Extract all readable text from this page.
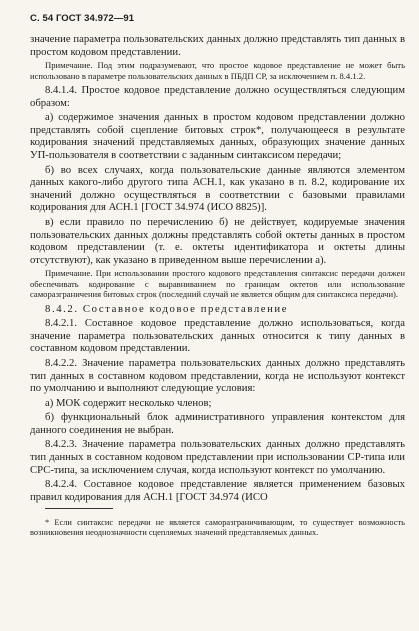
С. 54 ГОСТ 34.972—91

значение параметра пользовательских данных должно представлять тип данных в простом кодовом представлении.

Примечание. Под этим подразумевают, что простое кодовое представление не может быть использовано в параметре пользовательских данных в ПБДП СР, за исключением п. 8.4.1.2.

8.4.1.4. Простое кодовое представление должно осуществляться следующим образом:

а) содержимое значения данных в простом кодовом представлении должно представлять собой сцепление битовых строк*, получающееся в результате кодирования значений представляемых данных, образующих значение данных УП-пользователя в соответствии с заданным синтаксисом передачи;

б) во всех случаях, когда пользовательские данные являются элементом данных какого-либо другого типа АСН.1, как указано в п. 8.2, кодирование их значений должно осуществляться в соответствии с базовыми правилами кодирования для АСН.1 [ГОСТ 34.974 (ИСО 8825)].

в) если правило по перечислению б) не действует, кодируемые значения пользовательских данных должны представлять собой октеты данных в простом кодовом представлении (т. е. октеты идентификатора и октеты длины отсутствуют), как указано в приведенном выше перечислении а).

Примечание. При использовании простого кодового представления синтаксис передачи должен обеспечивать кодирование с выравниванием по границам октетов или использование саморазграничения битовых строк (последний случай не является общим для синтаксиса передачи).

8.4.2. Составное кодовое представление

8.4.2.1. Составное кодовое представление должно использоваться, когда значение параметра пользовательских данных относится к типу данных в составном кодовом представлении.

8.4.2.2. Значение параметра пользовательских данных должно представлять тип данных в составном кодовом представлении, когда не используют контекст по умолчанию и выполняют следующие условия:

а) МОК содержит несколько членов;

б) функциональный блок административного управления контекстом для данного соединения не выбран.

8.4.2.3. Значение параметра пользовательских данных должно представлять тип данных в составном кодовом представлении при использовании СР-типа или СРС-типа, за исключением случая, когда используют контекст по умолчанию.

8.4.2.4. Составное кодовое представление является применением базовых правил кодирования для АСН.1 [ГОСТ 34.974 (ИСО

* Если синтаксис передачи не является саморазграничивающим, то существует возможность возникновения неоднозначности сцепляемых значений представляемых данных.
